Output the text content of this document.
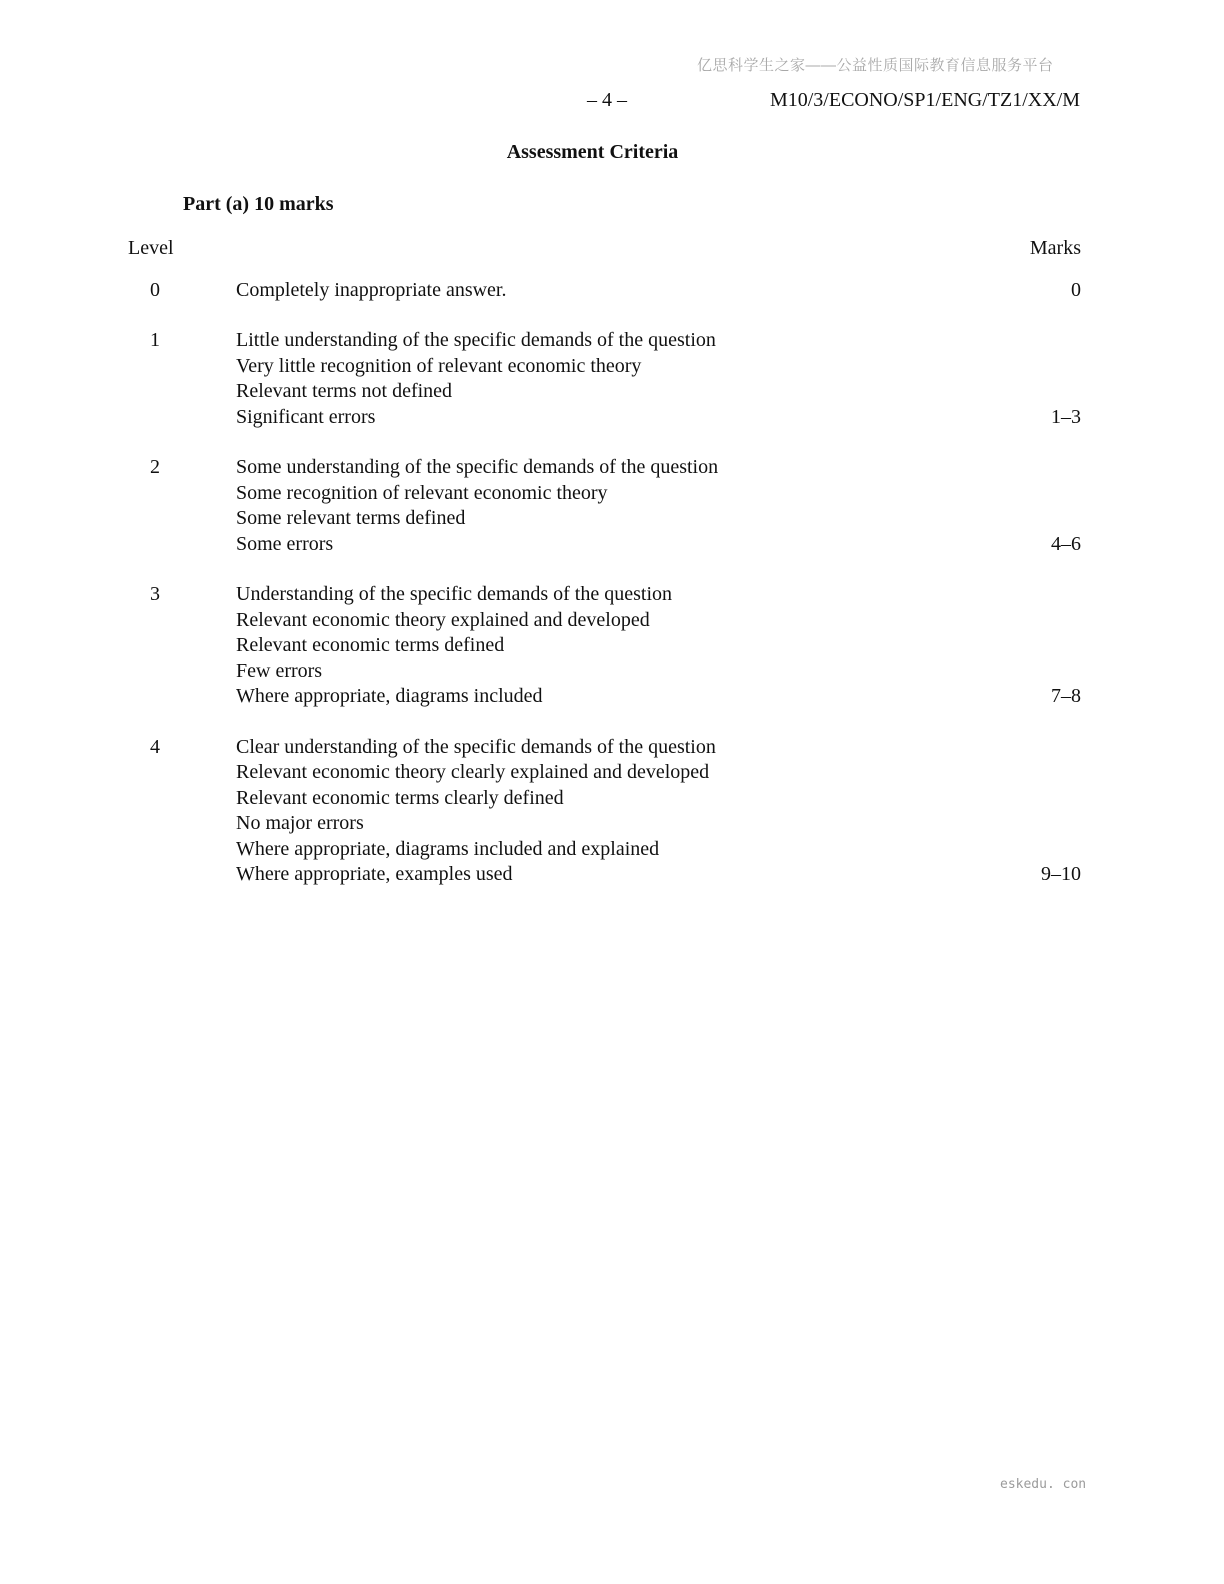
亿思科学生之家——公益性质国际教育信息服务平台
– 4 –	M10/3/ECONO/SP1/ENG/TZ1/XX/M
Assessment Criteria
Part (a) 10 marks
Level	Marks
0	Completely inappropriate answer.	0
1	Little understanding of the specific demands of the question
Very little recognition of relevant economic theory
Relevant terms not defined
Significant errors	1–3
2	Some understanding of the specific demands of the question
Some recognition of relevant economic theory
Some relevant terms defined
Some errors	4–6
3	Understanding of the specific demands of the question
Relevant economic theory explained and developed
Relevant economic terms defined
Few errors
Where appropriate, diagrams included	7–8
4	Clear understanding of the specific demands of the question
Relevant economic theory clearly explained and developed
Relevant economic terms clearly defined
No major errors
Where appropriate, diagrams included and explained
Where appropriate, examples used	9–10
eskedu. con
